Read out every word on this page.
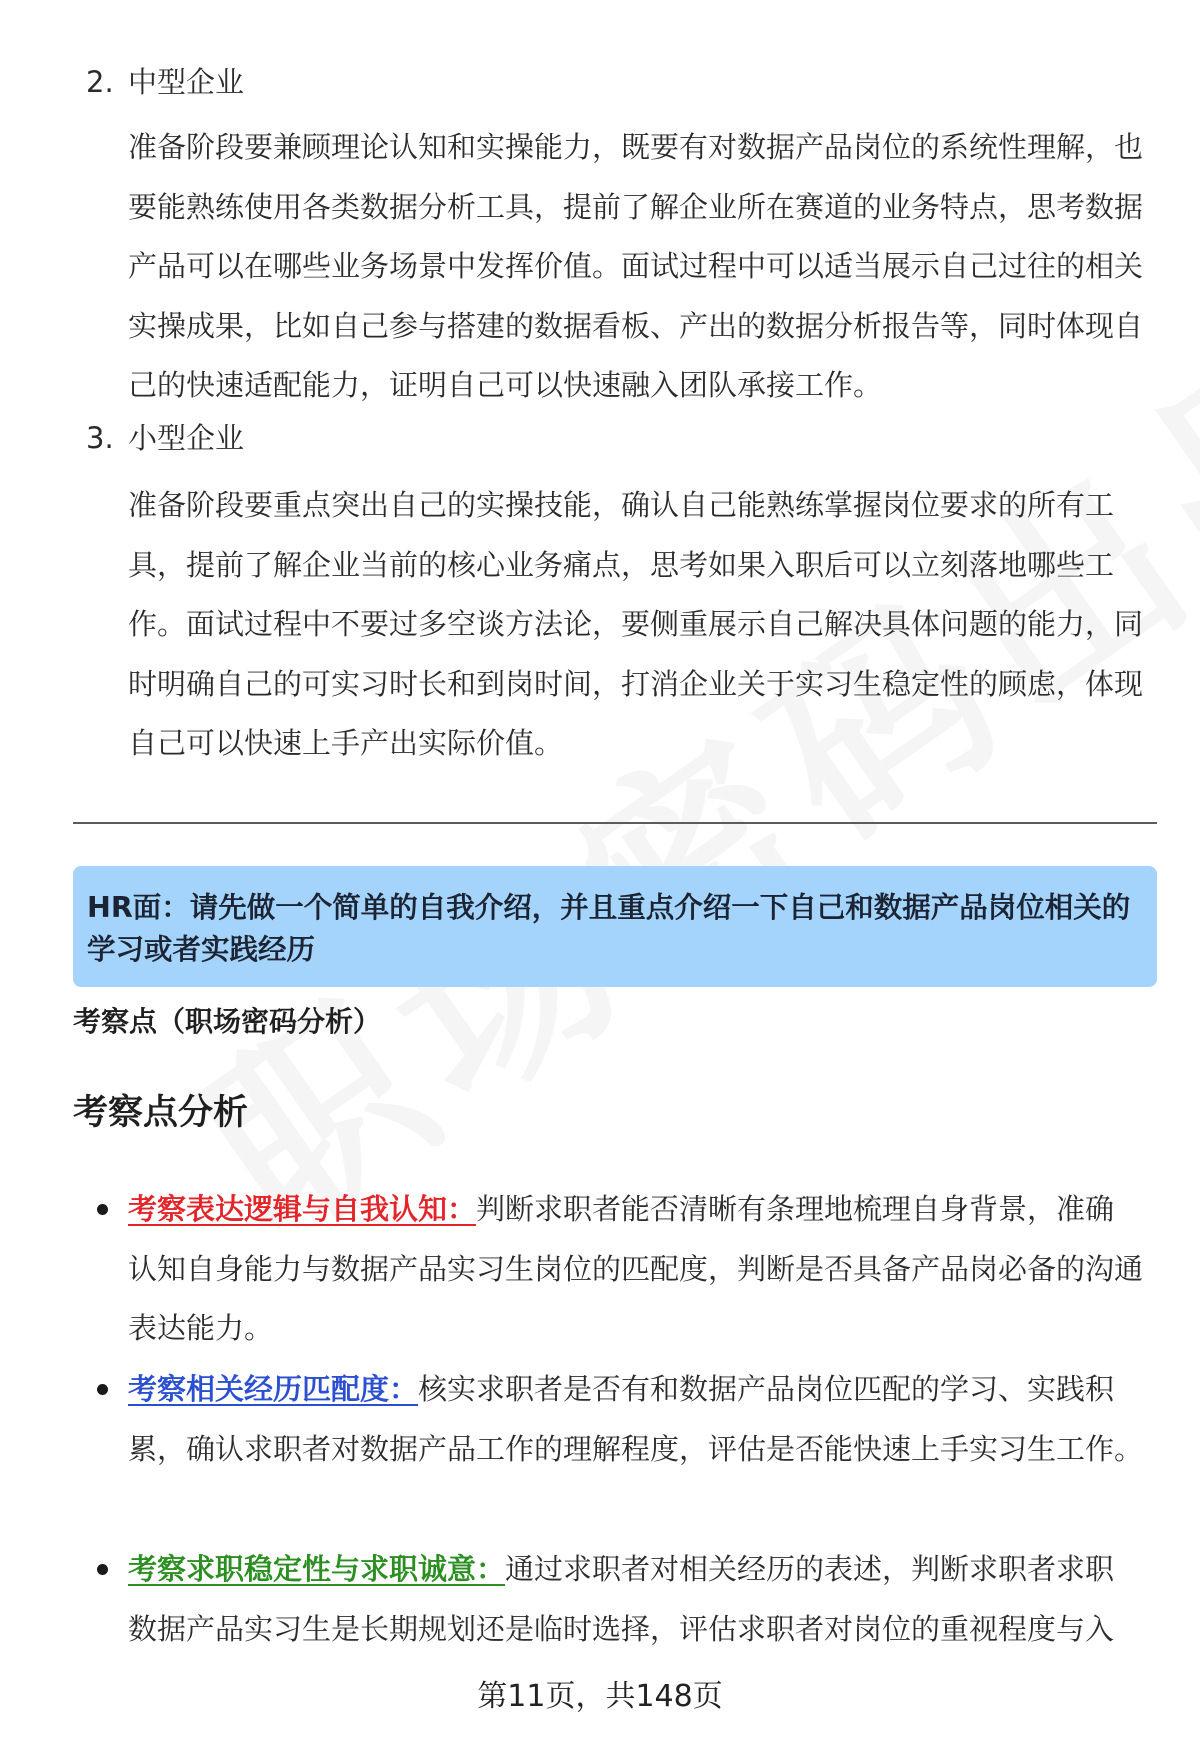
2. 中型企业
准备阶段要兼顾理论认知和实操能力，既要有对数据产品岗位的系统性理解，也要能熟练使用各类数据分析工具，提前了解企业所在赛道的业务特点，思考数据产品可以在哪些业务场景中发挥价值。面试过程中可以适当展示自己过往的相关实操成果，比如自己参与搭建的数据看板、产出的数据分析报告等，同时体现自己的快速适配能力，证明自己可以快速融入团队承接工作。
3. 小型企业
准备阶段要重点突出自己的实操技能，确认自己能熟练掌握岗位要求的所有工具，提前了解企业当前的核心业务痛点，思考如果入职后可以立刻落地哪些工作。面试过程中不要过多空谈方法论，要侧重展示自己解决具体问题的能力，同时明确自己的可实习时长和到岗时间，打消企业关于实习生稳定性的顾虑，体现自己可以快速上手产出实际价值。
HR面：请先做一个简单的自我介绍，并且重点介绍一下自己和数据产品岗位相关的学习或者实践经历
考察点（职场密码分析）
考察点分析
考察表达逻辑与自我认知：判断求职者能否清晰有条理地梳理自身背景，准确认知自身能力与数据产品实习生岗位的匹配度，判断是否具备产品岗必备的沟通表达能力。
考察相关经历匹配度：核实求职者是否有和数据产品岗位匹配的学习、实践积累，确认求职者对数据产品工作的理解程度，评估是否能快速上手实习生工作。
考察求职稳定性与求职诚意：通过求职者对相关经历的表述，判断求职者求职数据产品实习生是长期规划还是临时选择，评估求职者对岗位的重视程度与入
第11页，共148页
